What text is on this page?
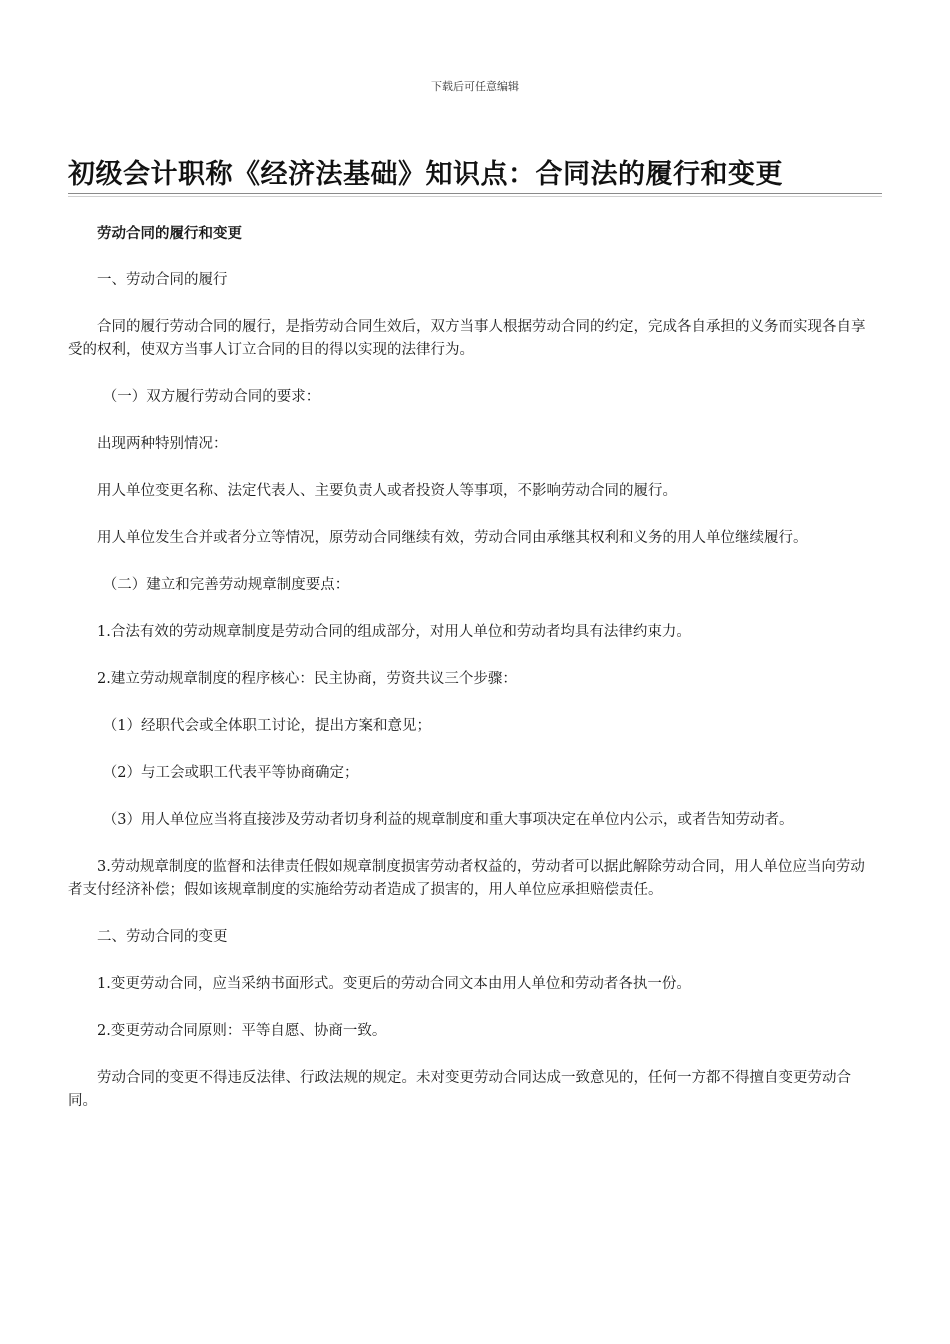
下载后可任意编辑
初级会计职称《经济法基础》知识点：合同法的履行和变更

劳动合同的履行和变更

一、劳动合同的履行

合同的履行劳动合同的履行，是指劳动合同生效后，双方当事人根据劳动合同的约定，完成各自承担的义务而实现各自享受的权利，使双方当事人订立合同的目的得以实现的法律行为。

（一）双方履行劳动合同的要求：

出现两种特别情况：

用人单位变更名称、法定代表人、主要负责人或者投资人等事项，不影响劳动合同的履行。

用人单位发生合并或者分立等情况，原劳动合同继续有效，劳动合同由承继其权利和义务的用人单位继续履行。

（二）建立和完善劳动规章制度要点：

1.合法有效的劳动规章制度是劳动合同的组成部分，对用人单位和劳动者均具有法律约束力。

2.建立劳动规章制度的程序核心：民主协商，劳资共议三个步骤：

（1）经职代会或全体职工讨论，提出方案和意见；

（2）与工会或职工代表平等协商确定；

（3）用人单位应当将直接涉及劳动者切身利益的规章制度和重大事项决定在单位内公示，或者告知劳动者。

3.劳动规章制度的监督和法律责任假如规章制度损害劳动者权益的，劳动者可以据此解除劳动合同，用人单位应当向劳动者支付经济补偿；假如该规章制度的实施给劳动者造成了损害的，用人单位应承担赔偿责任。

二、劳动合同的变更

1.变更劳动合同，应当采纳书面形式。变更后的劳动合同文本由用人单位和劳动者各执一份。

2.变更劳动合同原则：平等自愿、协商一致。

劳动合同的变更不得违反法律、行政法规的规定。未对变更劳动合同达成一致意见的，任何一方都不得擅自变更劳动合同。
